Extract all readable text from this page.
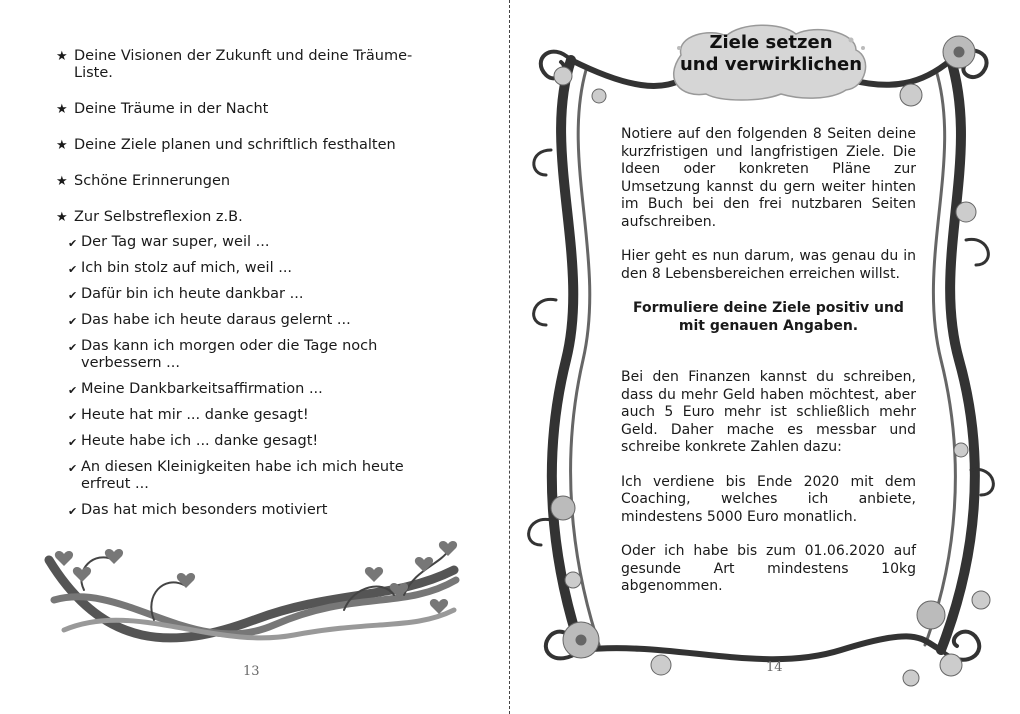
★ Deine Visionen der Zukunft und deine Träume-Liste.
★ Deine Träume in der Nacht
★ Deine Ziele planen und schriftlich festhalten
★ Schöne Erinnerungen
★ Zur Selbstreflexion z.B.
✔ Der Tag war super, weil ...
✔ Ich bin stolz auf mich, weil ...
✔ Dafür bin ich heute dankbar ...
✔ Das habe ich heute daraus gelernt ...
✔ Das kann ich morgen oder die Tage noch verbessern ...
✔ Meine Dankbarkeitsaffirmation ...
✔ Heute hat mir ... danke gesagt!
✔ Heute habe ich ... danke gesagt!
✔ An diesen Kleinigkeiten habe ich mich heute erfreut ...
✔ Das hat mich besonders motiviert
13
Ziele setzen
und verwirklichen

Notiere auf den folgenden 8 Seiten deine kurzfristigen und langfristigen Ziele. Die Ideen oder konkreten Pläne zur Umsetzung kannst du gern weiter hinten im Buch bei den frei nutzbaren Seiten aufschreiben.

Hier geht es nun darum, was genau du in den 8 Lebensbereichen erreichen willst.

Formuliere deine Ziele positiv und mit genauen Angaben.

Bei den Finanzen kannst du schreiben, dass du mehr Geld haben möchtest, aber auch 5 Euro mehr ist schließlich mehr Geld. Daher mache es messbar und schreibe konkrete Zahlen dazu:

Ich verdiene bis Ende 2020 mit dem Coaching, welches ich anbiete, mindestens 5000 Euro monatlich.

Oder ich habe bis zum 01.06.2020 auf gesunde Art mindestens 10kg abgenommen.

14
